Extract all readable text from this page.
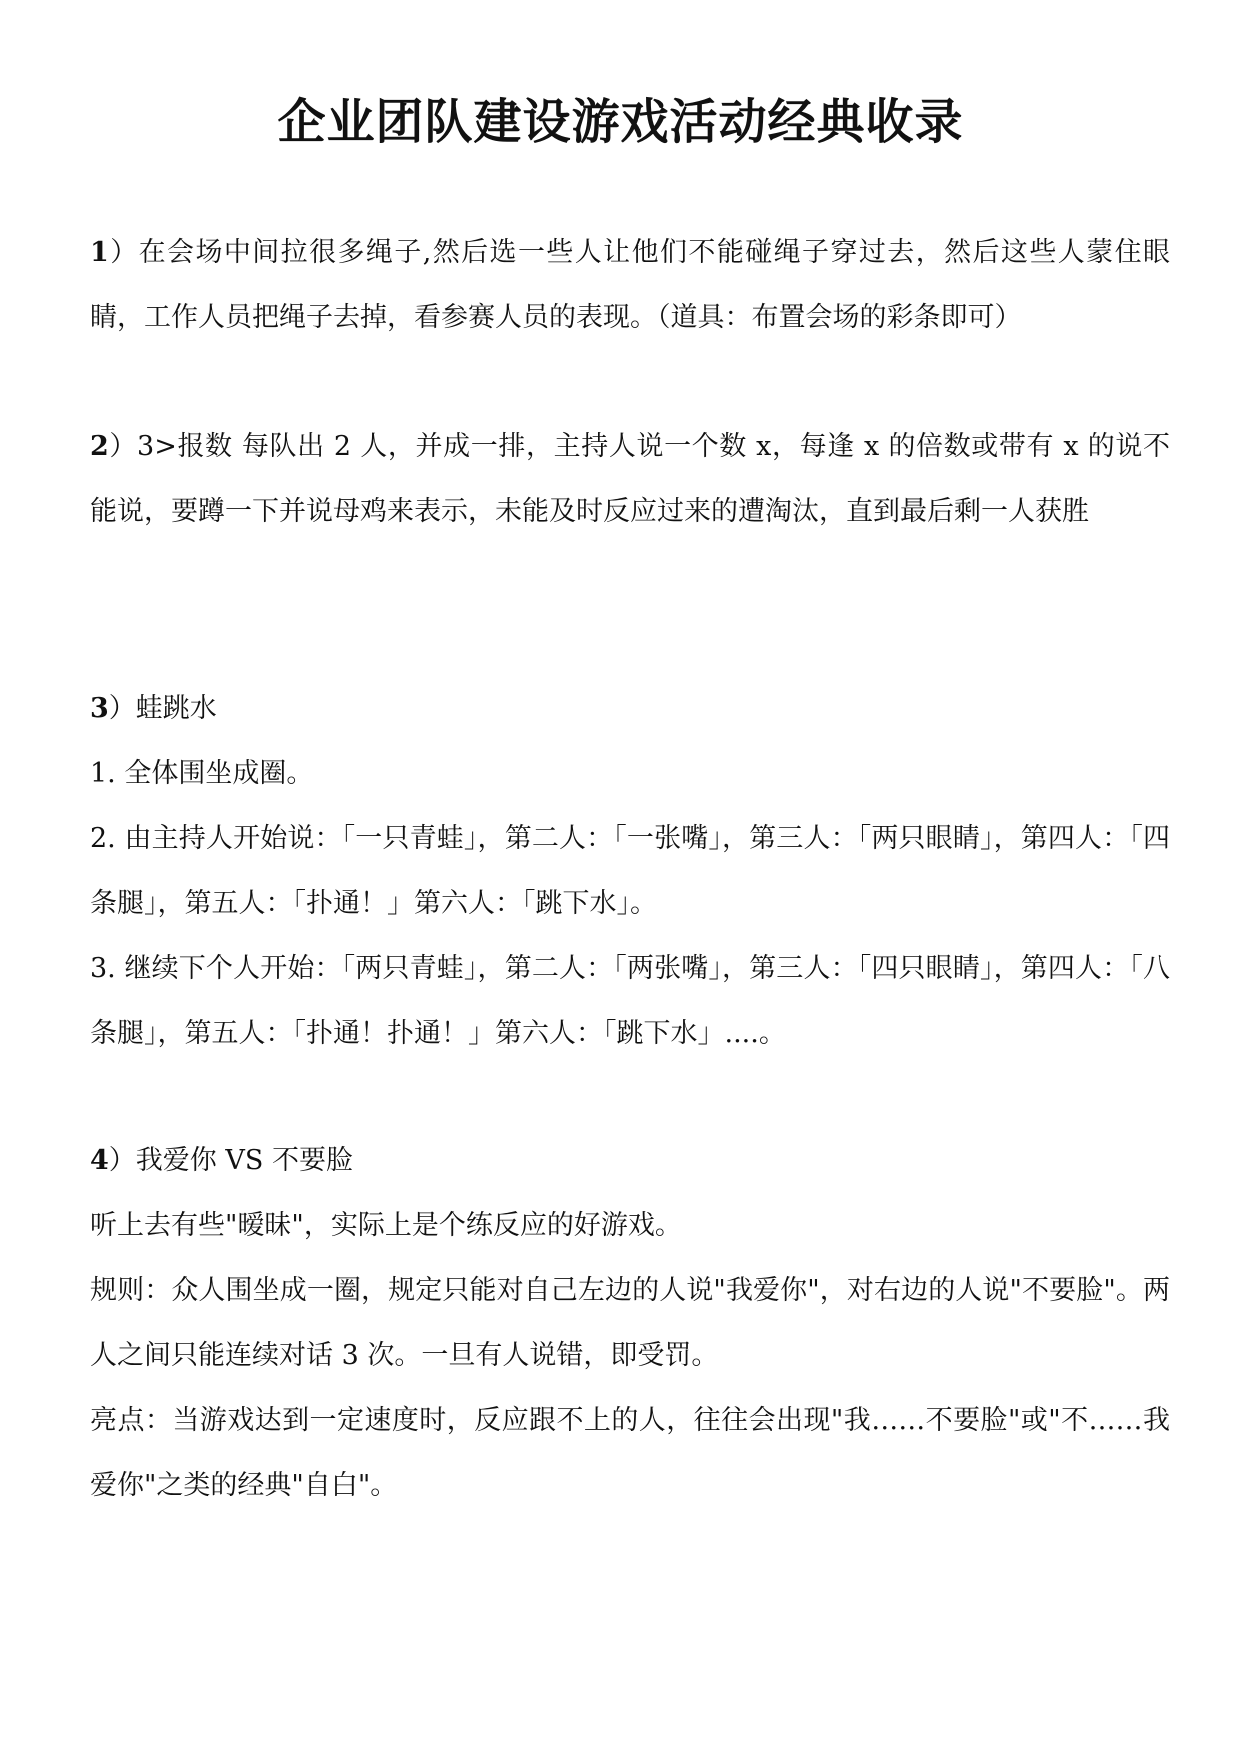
企业团队建设游戏活动经典收录

1）在会场中间拉很多绳子,然后选一些人让他们不能碰绳子穿过去，然后这些人蒙住眼睛，工作人员把绳子去掉，看参赛人员的表现。（道具：布置会场的彩条即可）

2）3>报数 每队出 2 人，并成一排，主持人说一个数 x，每逢 x 的倍数或带有 x 的说不能说，要蹲一下并说母鸡来表示，未能及时反应过来的遭淘汰，直到最后剩一人获胜

3）蛙跳水

1. 全体围坐成圈。

2. 由主持人开始说：「一只青蛙」，第二人：「一张嘴」，第三人：「两只眼睛」，第四人：「四条腿」，第五人：「扑通！」第六人：「跳下水」。

3. 继续下个人开始：「两只青蛙」，第二人：「两张嘴」，第三人：「四只眼睛」，第四人：「八条腿」，第五人：「扑通！扑通！」第六人：「跳下水」....。

4）我爱你 VS 不要脸

听上去有些"暧昧"，实际上是个练反应的好游戏。

规则：众人围坐成一圈，规定只能对自己左边的人说"我爱你"，对右边的人说"不要脸"。两人之间只能连续对话 3 次。一旦有人说错，即受罚。

亮点：当游戏达到一定速度时，反应跟不上的人，往往会出现"我……不要脸"或"不……我爱你"之类的经典"自白"。
